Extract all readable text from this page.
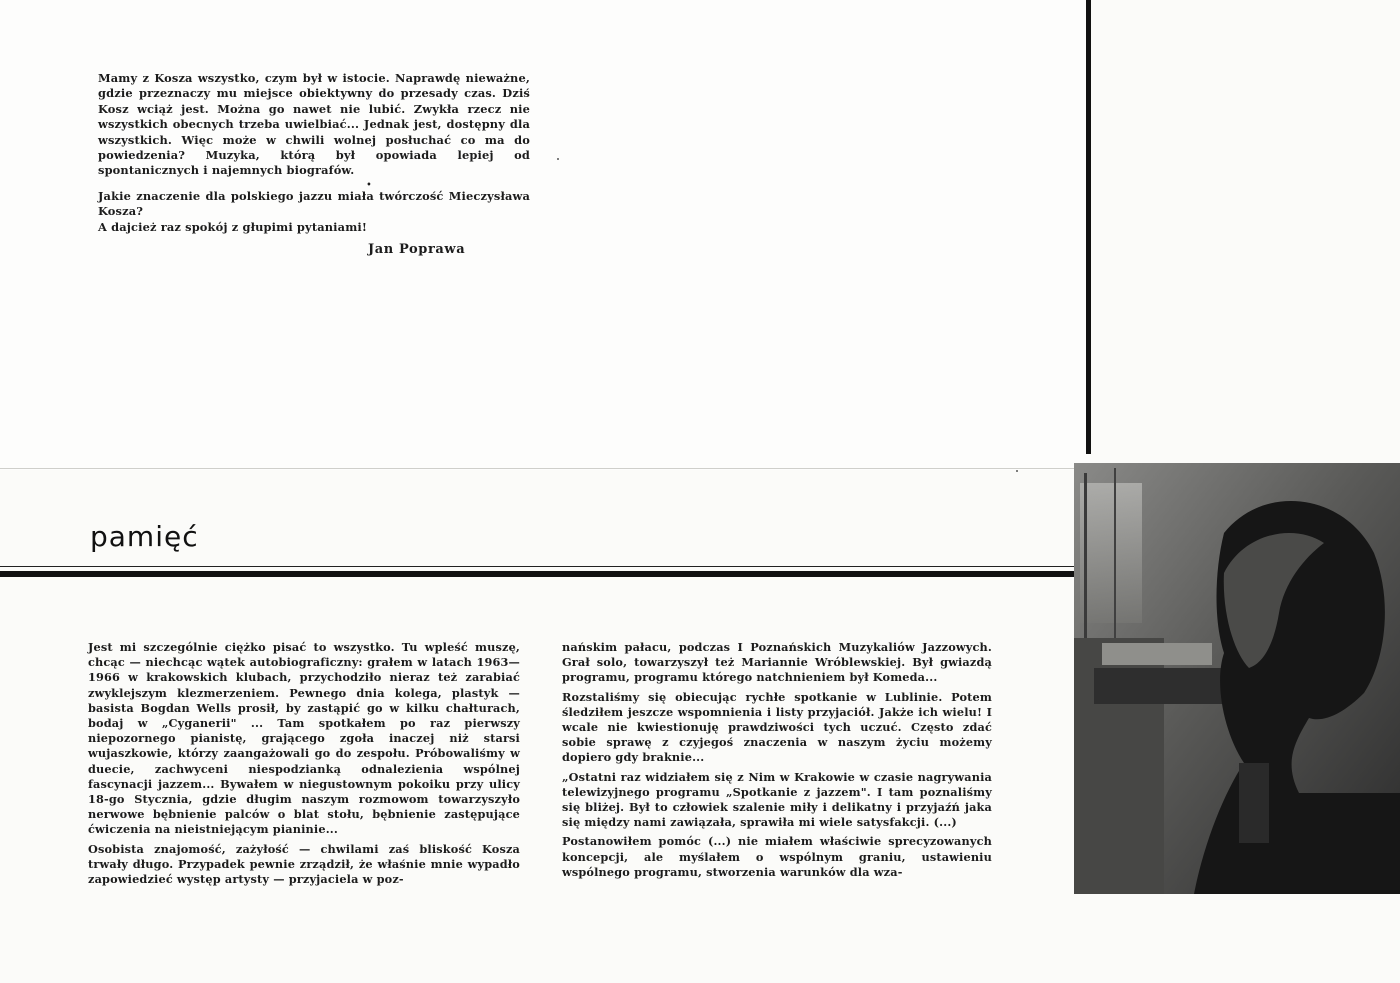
Mamy z Kosza wszystko, czym był w istocie. Naprawdę nieważne, gdzie przeznaczy mu miejsce obiektywny do przesady czas. Dziś Kosz wciąż jest. Można go nawet nie lubić. Zwykła rzecz nie wszystkich obecnych trzeba uwielbiać... Jednak jest, dostępny dla wszystkich. Więc może w chwili wolnej posłuchać co ma do powiedzenia? Muzyka, którą był opowiada lepiej od spontanicznych i najemnych biografów.

•

Jakie znaczenie dla polskiego jazzu miała twórczość Mieczysława Kosza?

A dajcież raz spokój z głupimi pytaniami!

Jan Poprawa
pamięć

Jest mi szczególnie ciężko pisać to wszystko. Tu wpleść muszę, chcąc — niechcąc wątek autobiograficzny: grałem w latach 1963—1966 w krakowskich klubach, przychodziło nieraz też zarabiać zwyklejszym klezmerzeniem. Pewnego dnia kolega, plastyk — basista Bogdan Wells prosił, by zastąpić go w kilku chałturach, bodaj w „Cyganerii" ... Tam spotkałem po raz pierwszy niepozornego pianistę, grającego zgoła inaczej niż starsi wujaszkowie, którzy zaangażowali go do zespołu. Próbowaliśmy w duecie, zachwyceni niespodzianką odnalezienia wspólnej fascynacji jazzem... Bywałem w niegustownym pokoiku przy ulicy 18-go Stycznia, gdzie długim naszym rozmowom towarzyszyło nerwowe bębnienie palców o blat stołu, bębnienie zastępujące ćwiczenia na nieistniejącym pianinie...

Osobista znajomość, zażyłość — chwilami zaś bliskość Kosza trwały długo. Przypadek pewnie zrządził, że właśnie mnie wypadło zapowiedzieć występ artysty — przyjaciela w poz-

nańskim pałacu, podczas I Poznańskich Muzykaliów Jazzowych. Grał solo, towarzyszył też Mariannie Wróblewskiej. Był gwiazdą programu, programu którego natchnieniem był Komeda...

Rozstaliśmy się obiecując rychłe spotkanie w Lublinie. Potem śledziłem jeszcze wspomnienia i listy przyjaciół. Jakże ich wielu! I wcale nie kwiestionuję prawdziwości tych uczuć. Często zdać sobie sprawę z czyjegoś znaczenia w naszym życiu możemy dopiero gdy braknie...

„Ostatni raz widziałem się z Nim w Krakowie w czasie nagrywania telewizyjnego programu „Spotkanie z jazzem". I tam poznaliśmy się bliżej. Był to człowiek szalenie miły i delikatny i przyjaźń jaka się między nami zawiązała, sprawiła mi wiele satysfakcji. (...)

Postanowiłem pomóc (...) nie miałem właściwie sprecyzowanych koncepcji, ale myślałem o wspólnym graniu, ustawieniu wspólnego programu, stworzenia warunków dla wza-
